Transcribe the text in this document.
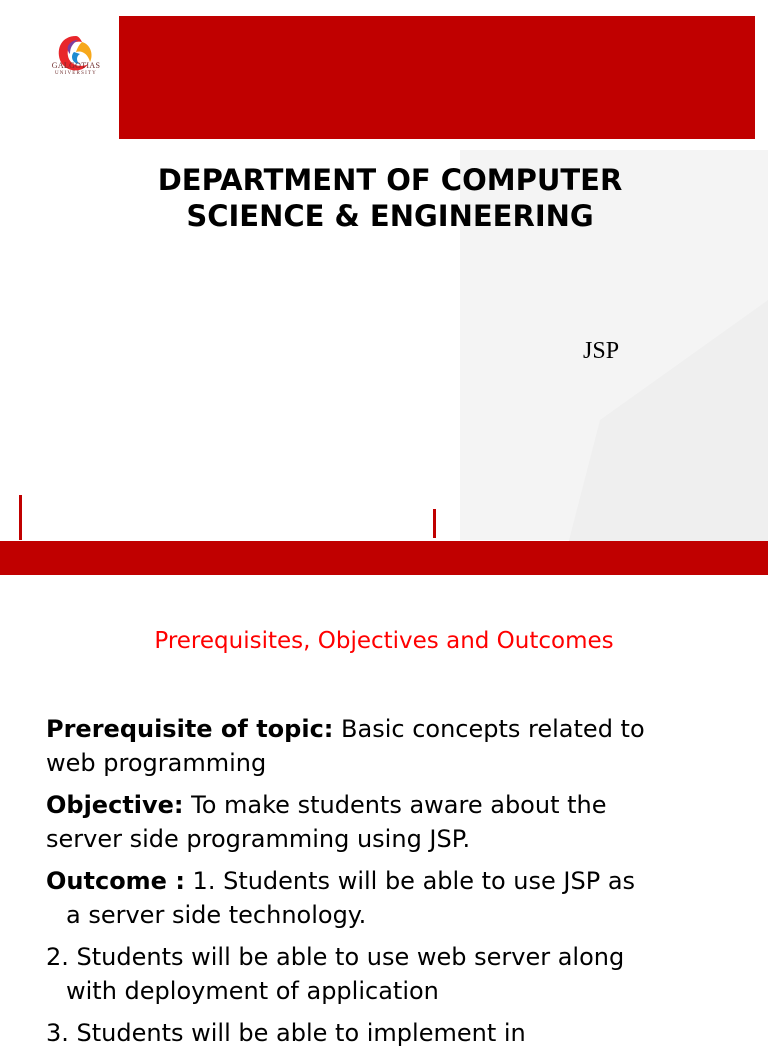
GALGOTIAS
UNIVERSITY
DEPARTMENT OF COMPUTER
SCIENCE & ENGINEERING
JSP
Prerequisites, Objectives and Outcomes
Prerequisite of topic: Basic concepts related to
web programming
Objective: To make students aware about the
server side programming using JSP.
Outcome : 1. Students will be able to use JSP as
a server side technology.
2. Students will be able to use web server along
with deployment of application
3. Students will be able to implement in
